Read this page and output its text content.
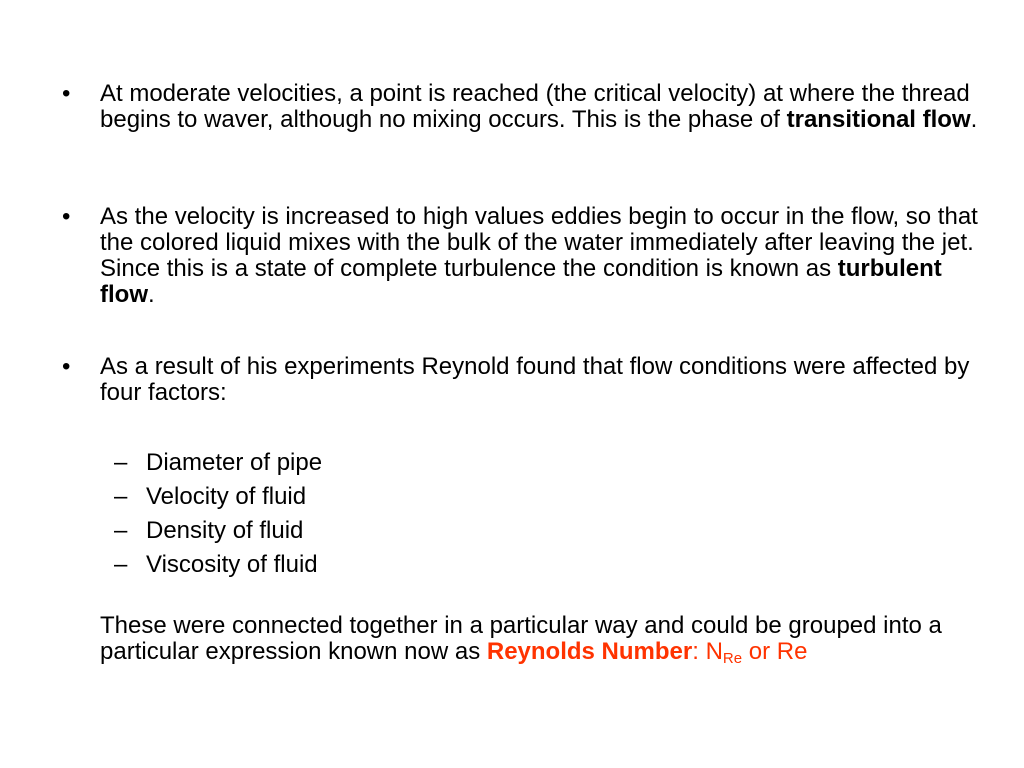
• At moderate velocities, a point is reached (the critical velocity) at where the thread begins to waver, although no mixing occurs. This is the phase of transitional flow.
• As the velocity is increased to high values eddies begin to occur in the flow, so that the colored liquid mixes with the bulk of the water immediately after leaving the jet. Since this is a state of complete turbulence the condition is known as turbulent flow.
• As a result of his experiments Reynold found that flow conditions were affected by four factors:
– Diameter of pipe
– Velocity of fluid
– Density of fluid
– Viscosity of fluid
These were connected together in a particular way and could be grouped into a particular expression known now as Reynolds Number: NRe or Re
